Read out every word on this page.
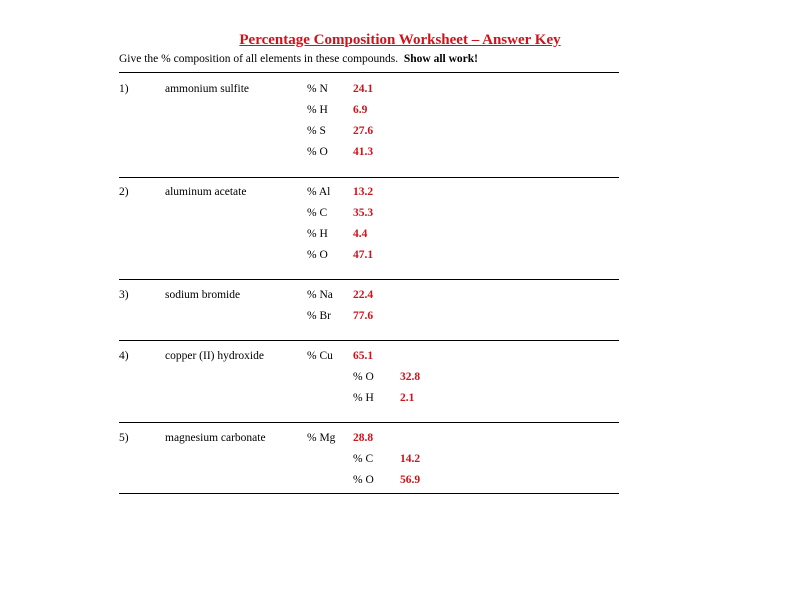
Percentage Composition Worksheet – Answer Key
Give the % composition of all elements in these compounds. Show all work!
1)	ammonium sulfite	% N 24.1
% H 6.9
% S 27.6
% O 41.3
2)	aluminum acetate	% Al 13.2
% C 35.3
% H 4.4
% O 47.1
3)	sodium bromide	% Na 22.4
% Br 77.6
4)	copper (II) hydroxide	% Cu 65.1
% O 32.8
% H 2.1
5)	magnesium carbonate	% Mg 28.8
% C 14.2
% O 56.9
